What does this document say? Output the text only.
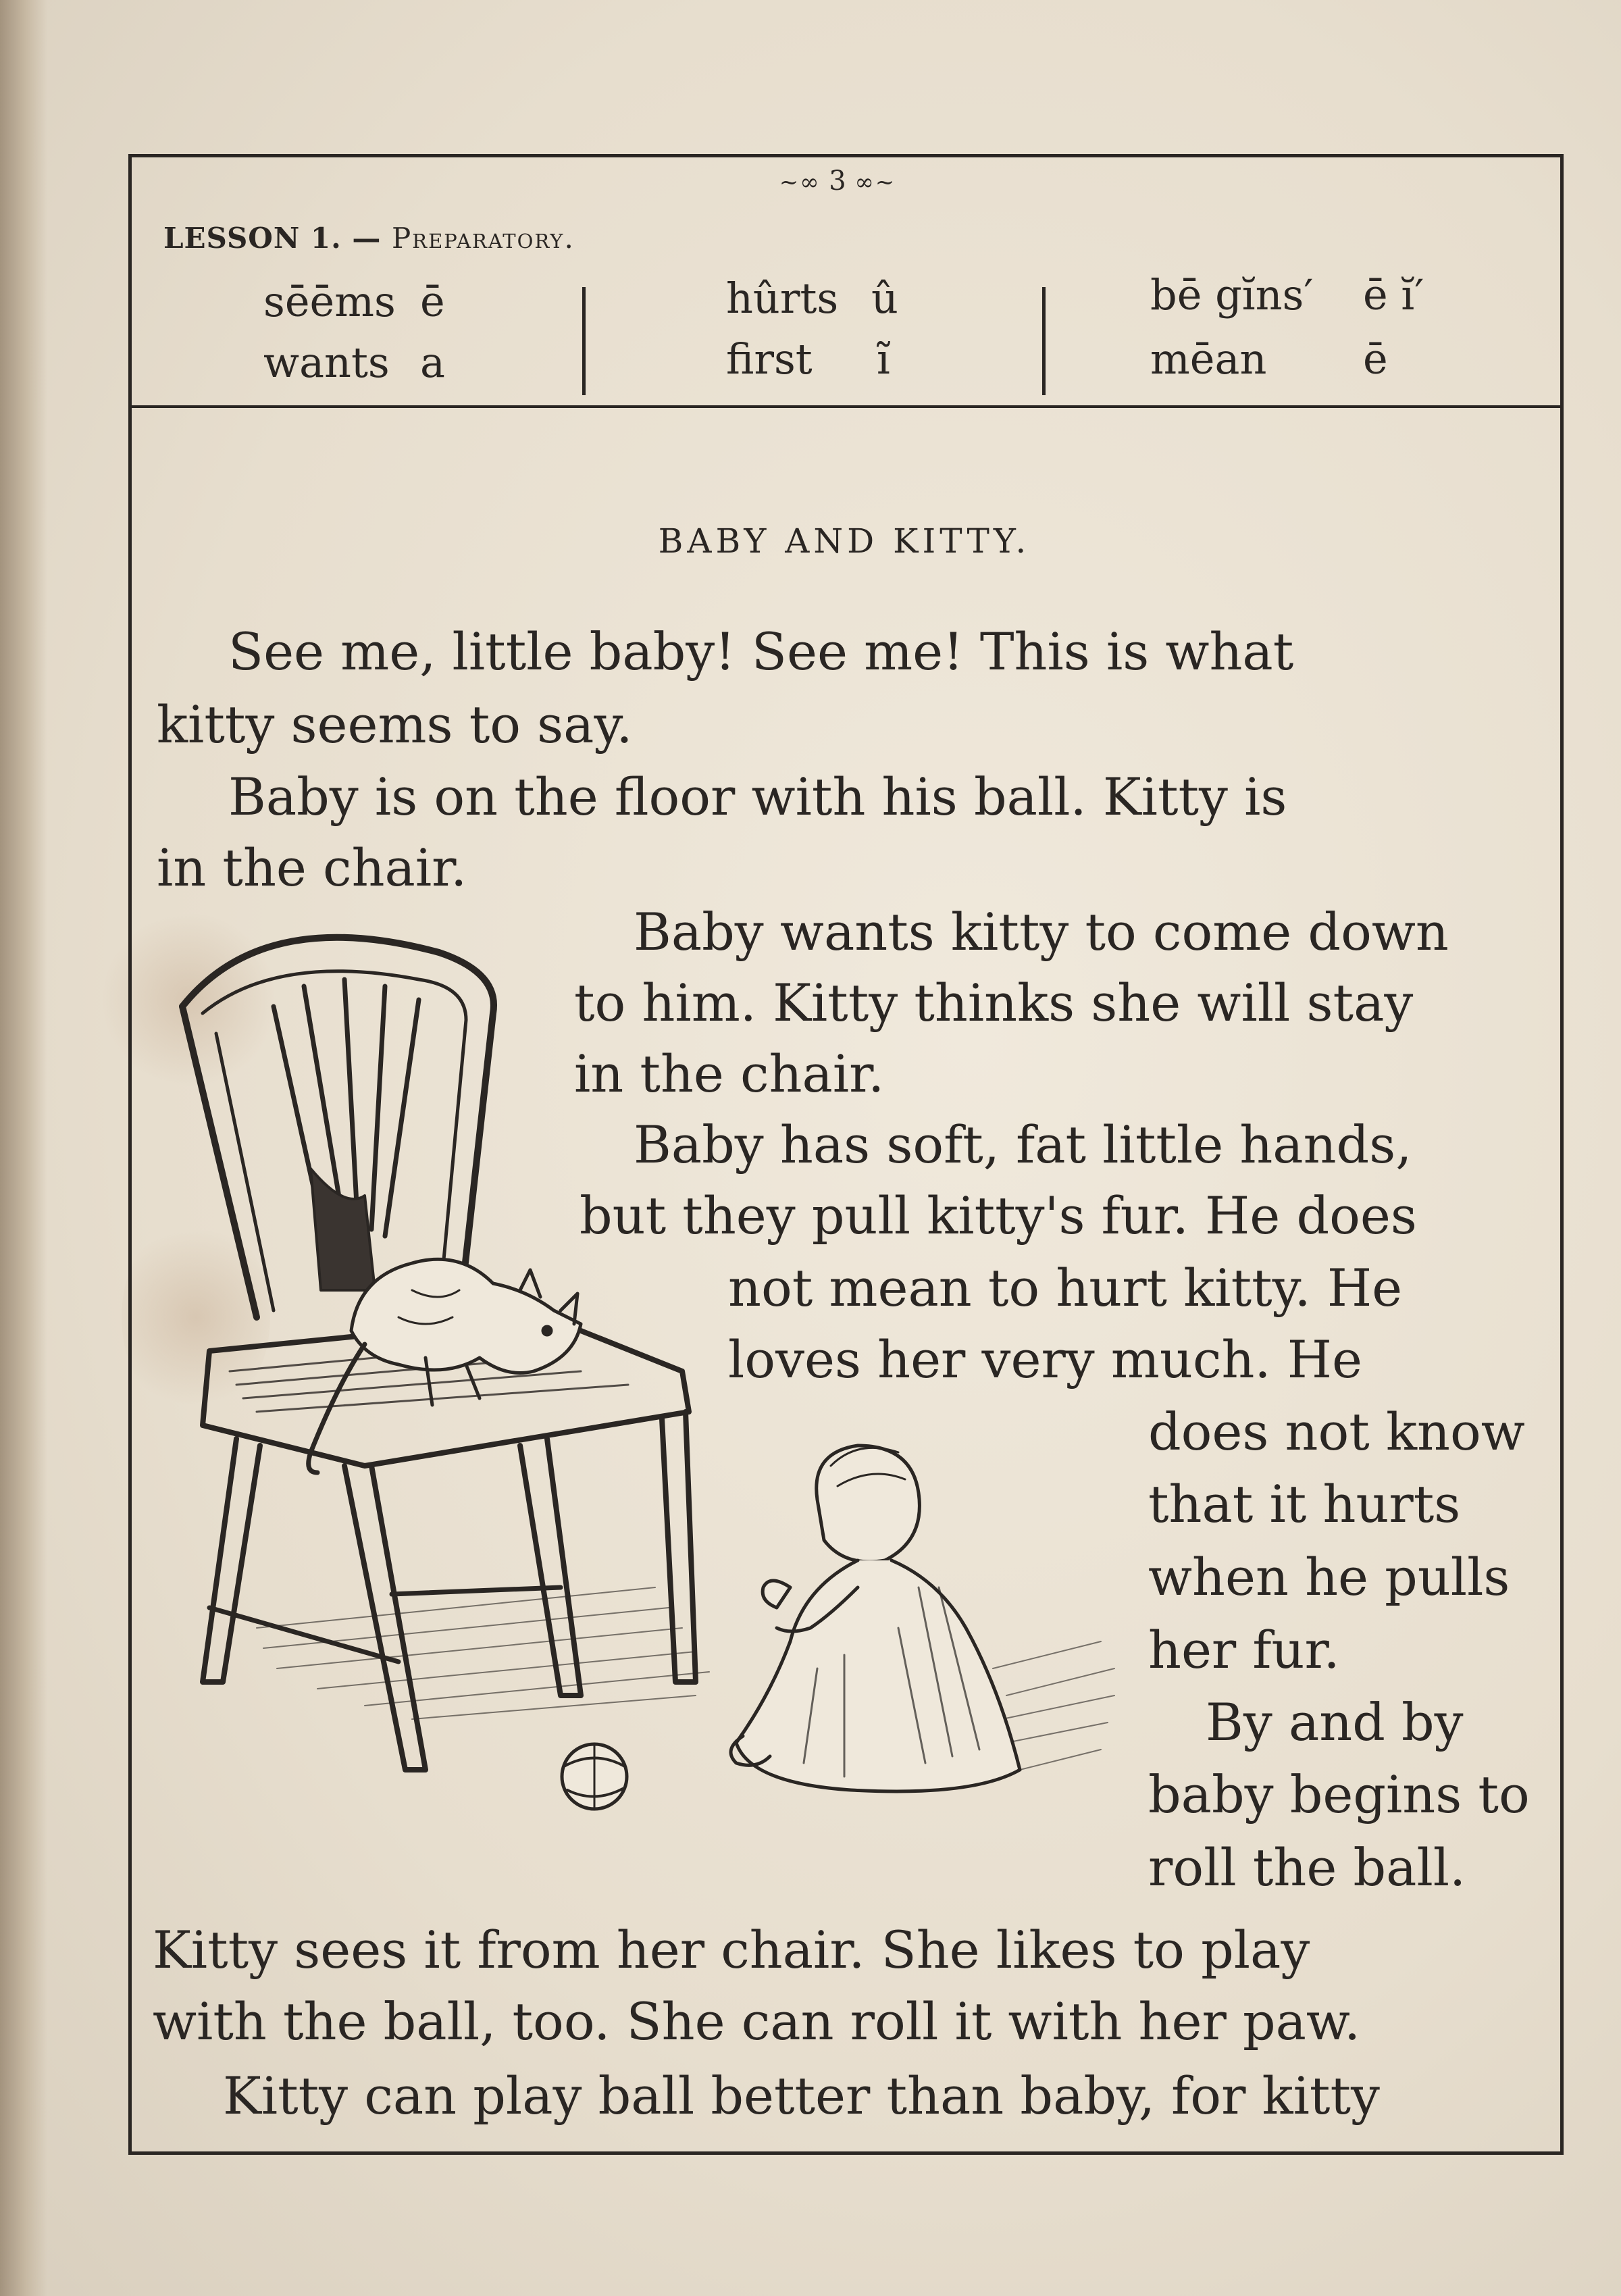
~∞ 3 ∞~
LESSON 1. — Preparatory.
sēēms ē
wants a
hûrts û
first ĩ
bē gĭns′ ē ĭ′
mēan ē
BABY AND KITTY.
See me, little baby! See me! This is what
kitty seems to say.
Baby is on the floor with his ball. Kitty is
in the chair.
Baby wants kitty to come down
to him. Kitty thinks she will stay
in the chair.
Baby has soft, fat little hands,
but they pull kitty's fur. He does
not mean to hurt kitty. He
loves her very much. He
does not know
that it hurts
when he pulls
her fur.
By and by
baby begins to
roll the ball.
Kitty sees it from her chair. She likes to play
with the ball, too. She can roll it with her paw.
Kitty can play ball better than baby, for kitty
